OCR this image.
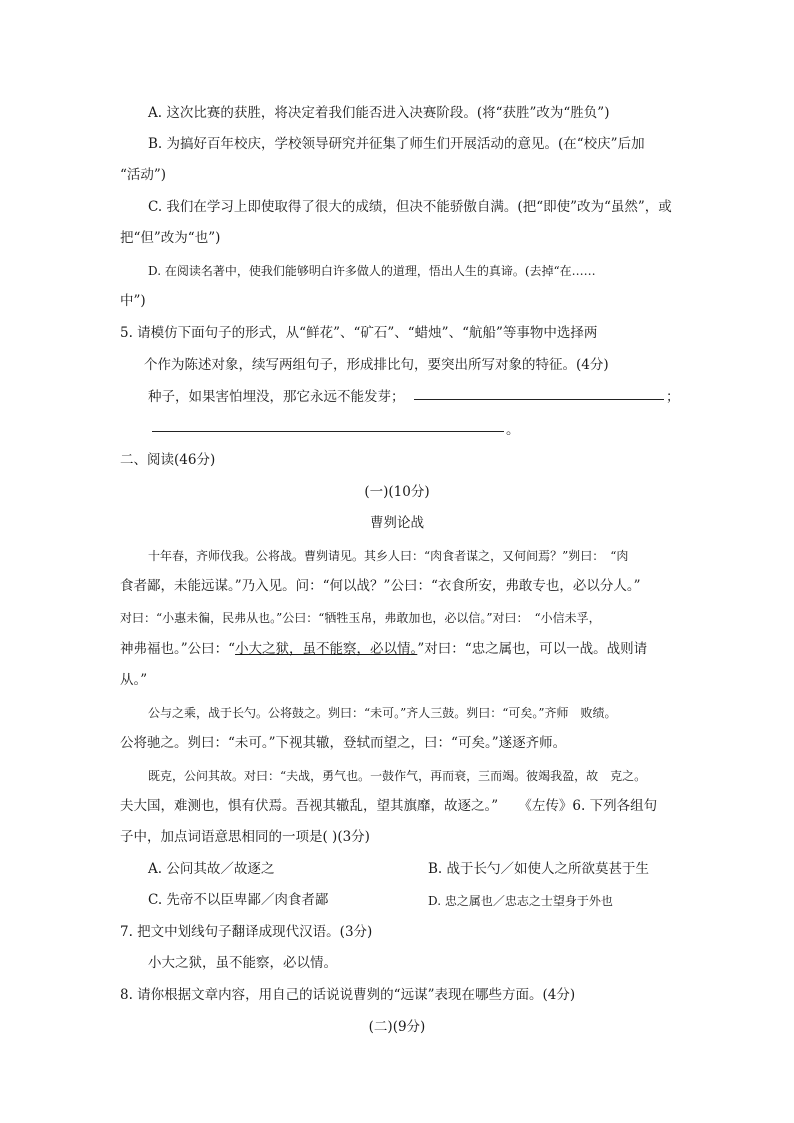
A. 这次比赛的获胜，将决定着我们能否进入决赛阶段。(将“获胜”改为“胜负”)
B. 为搞好百年校庆，学校领导研究并征集了师生们开展活动的意见。(在“校庆”后加
“活动”)
C. 我们在学习上即使取得了很大的成绩，但决不能骄傲自满。(把“即使”改为“虽然”，或
把“但”改为“也”)
D. 在阅读名著中，使我们能够明白许多做人的道理，悟出人生的真谛。(去掉“在……
中”)
5. 请模仿下面句子的形式，从“鲜花”、“矿石”、“蜡烛”、“航船”等事物中选择两
个作为陈述对象，续写两组句子，形成排比句，要突出所写对象的特征。(4分)
种子，如果害怕埋没，那它永远不能发芽；	；
。
二、阅读(46分)
(一)(10分)
曹刿论战
十年春，齐师伐我。公将战。曹刿请见。其乡人曰：“肉食者谋之，又何间焉？”刿曰：　“肉
食者鄙，未能远谋。”乃入见。问：“何以战？”公曰：“衣食所安，弗敢专也，必以分人。”
对曰：“小惠未徧，民弗从也。”公曰：“牺牲玉帛，弗敢加也，必以信。”对曰：　“小信未孚，
神弗福也。”公曰：“小大之狱，虽不能察，必以情。”对曰：“忠之属也，可以一战。战则请
从。”
公与之乘，战于长勺。公将鼓之。刿曰：“未可。”齐人三鼓。刿曰：“可矣。”齐师　败绩。
公将驰之。刿曰：“未可。”下视其辙，登轼而望之，曰：“可矣。”遂逐齐师。
既克，公问其故。对曰：“夫战，勇气也。一鼓作气，再而衰，三而竭。彼竭我盈，故　克之。
夫大国，难测也，惧有伏焉。吾视其辙乱，望其旗靡，故逐之。”　　《左传》6. 下列各组句
子中，加点词语意思相同的一项是( )(3分)
A. 公问其故／故逐之	B. 战于长勺／如使人之所欲莫甚于生
C. 先帝不以臣卑鄙／肉食者鄙	D. 忠之属也／忠志之士望身于外也
7. 把文中划线句子翻译成现代汉语。(3分)
小大之狱，虽不能察，必以情。
8. 请你根据文章内容，用自己的话说说曹刿的“远谋”表现在哪些方面。(4分)
(二)(9分)
